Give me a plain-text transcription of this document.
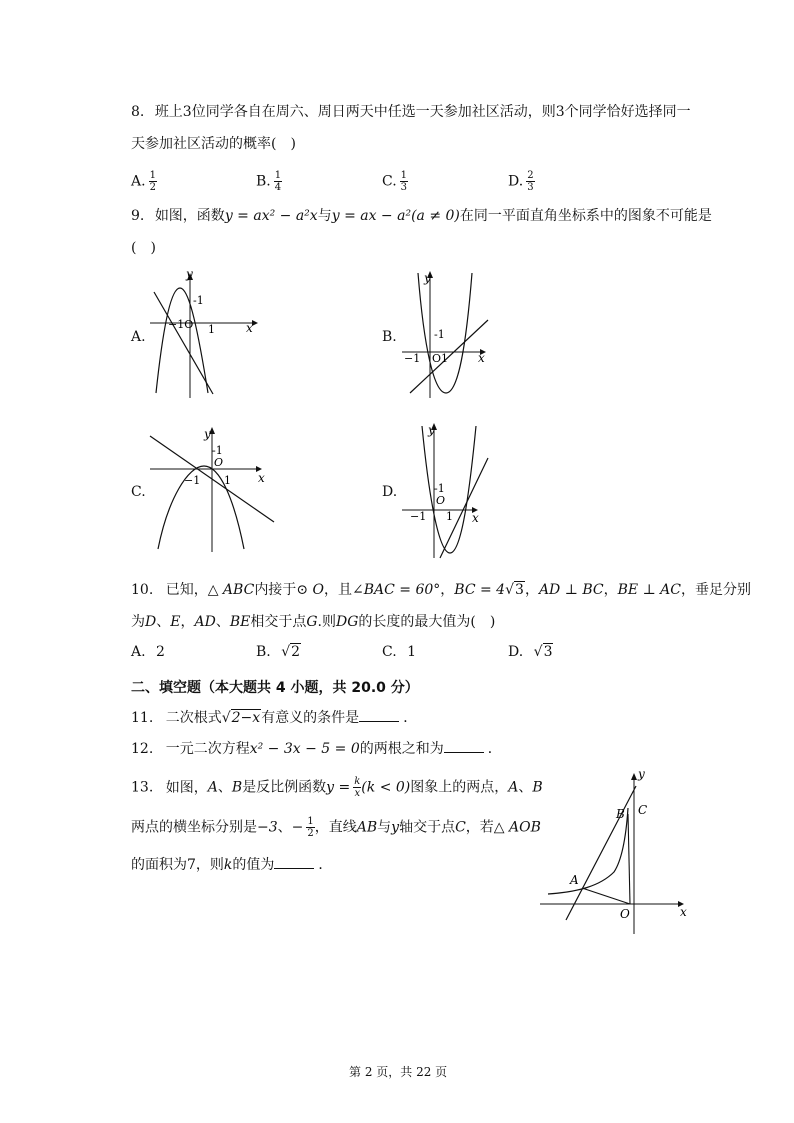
8. 班上3位同学各自在周六、周日两天中任选一天参加社区活动，则3个同学恰好选择同一
天参加社区活动的概率(　)
A. $\frac{1}{2}$	B. $\frac{1}{4}$	C. $\frac{1}{3}$	D. $\frac{2}{3}$
9. 如图，函数y = ax² − a²x与y = ax − a²(a ≠ 0)在同一平面直角坐标系中的图象不可能是
(　)
A.	B.
C.	D.
y
x
-1
−1O 1
y
x
-1
−1 O1
y
x
-1
O
−1 1
y
x
-1
O
−1 1
10. 已知，△ ABC内接于⊙ O，且∠BAC = 60°，BC = 4√3，AD ⊥ BC，BE ⊥ AC，垂足分别
为D、E，AD、BE相交于点G.则DG的长度的最大值为(　)
A. 2	B. √2	C. 1	D. √3
二、填空题（本大题共 4 小题，共 20.0 分）
11. 二次根式√2−x有意义的条件是	．
12. 一元二次方程x² − 3x − 5 = 0的两根之和为	．
13. 如图，A、B是反比例函数$y = \frac{k}{x} (k < 0)$图象上的两点，A、B
两点的横坐标分别是−3、− $\frac{1}{2}$ ，直线AB与y轴交于点C，若△ AOB
的面积为7，则k的值为	．
y
x
O
A
B C
第 2 页，共 22 页
